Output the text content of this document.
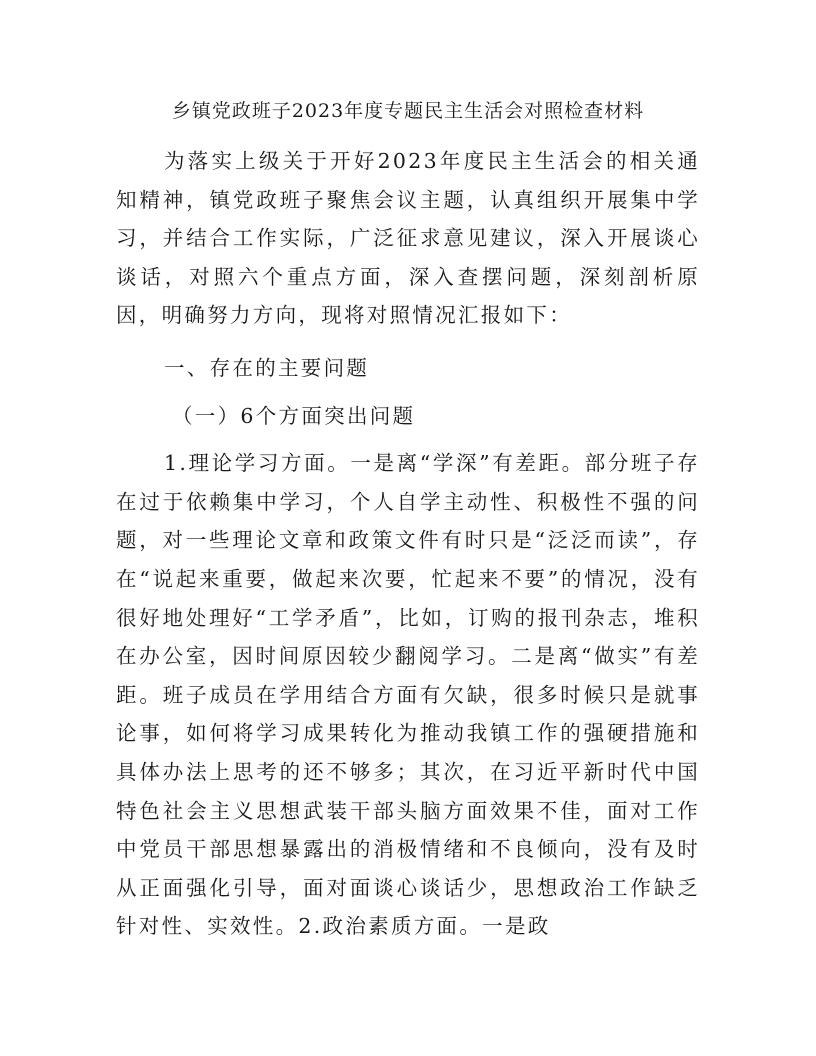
乡镇党政班子2023年度专题民主生活会对照检查材料

为落实上级关于开好2023年度民主生活会的相关通知精神，镇党政班子聚焦会议主题，认真组织开展集中学习，并结合工作实际，广泛征求意见建议，深入开展谈心谈话，对照六个重点方面，深入查摆问题，深刻剖析原因，明确努力方向，现将对照情况汇报如下：

一、存在的主要问题

（一）6个方面突出问题

1.理论学习方面。一是离“学深”有差距。部分班子存在过于依赖集中学习，个人自学主动性、积极性不强的问题，对一些理论文章和政策文件有时只是“泛泛而读”，存在“说起来重要，做起来次要，忙起来不要”的情况，没有很好地处理好“工学矛盾”，比如，订购的报刊杂志，堆积在办公室，因时间原因较少翻阅学习。二是离“做实”有差距。班子成员在学用结合方面有欠缺，很多时候只是就事论事，如何将学习成果转化为推动我镇工作的强硬措施和具体办法上思考的还不够多；其次，在习近平新时代中国特色社会主义思想武装干部头脑方面效果不佳，面对工作中党员干部思想暴露出的消极情绪和不良倾向，没有及时从正面强化引导，面对面谈心谈话少，思想政治工作缺乏针对性、实效性。2.政治素质方面。一是政
